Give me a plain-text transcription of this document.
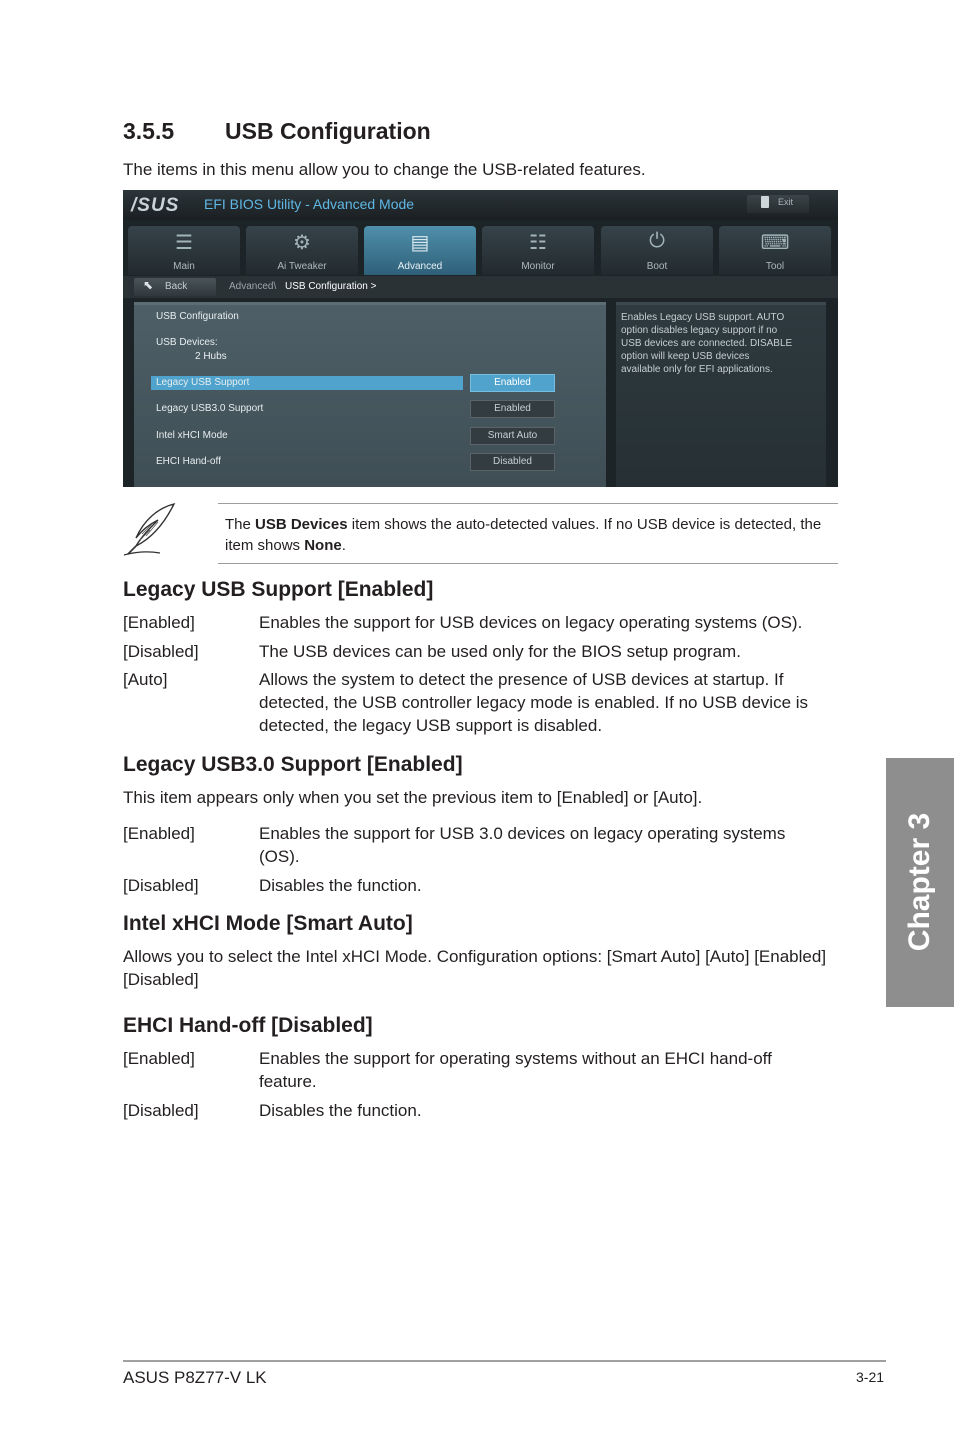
3.5.5 USB Configuration
The items in this menu allow you to change the USB-related features.
/SUS EFI BIOS Utility - Advanced Mode	Exit
☰
Main
⚙
Ai Tweaker
▤
Advanced
☷
Monitor
⏻
Boot
⌨
Tool
⬉ Back	Advanced\ USB Configuration >
USB Configuration
USB Devices:
2 Hubs
Legacy USB Support	Enabled
Legacy USB3.0 Support	Enabled
Intel xHCI Mode	Smart Auto
EHCI Hand-off	Disabled
Enables Legacy USB support. AUTO
option disables legacy support if no
USB devices are connected. DISABLE
option will keep USB devices
available only for EFI applications.
The USB Devices item shows the auto-detected values. If no USB device is detected, the item shows None.
Legacy USB Support [Enabled]
[Enabled]	Enables the support for USB devices on legacy operating systems (OS).
[Disabled]	The USB devices can be used only for the BIOS setup program.
[Auto]	Allows the system to detect the presence of USB devices at startup. If detected, the USB controller legacy mode is enabled. If no USB device is detected, the legacy USB support is disabled.
Legacy USB3.0 Support [Enabled]
This item appears only when you set the previous item to [Enabled] or [Auto].
[Enabled]	Enables the support for USB 3.0 devices on legacy operating systems (OS).
[Disabled]	Disables the function.
Intel xHCI Mode [Smart Auto]
Allows you to select the Intel xHCI Mode. Configuration options: [Smart Auto] [Auto] [Enabled] [Disabled]
EHCI Hand-off [Disabled]
[Enabled]	Enables the support for operating systems without an EHCI hand-off feature.
[Disabled]	Disables the function.
Chapter 3
ASUS P8Z77-V LK	3-21
